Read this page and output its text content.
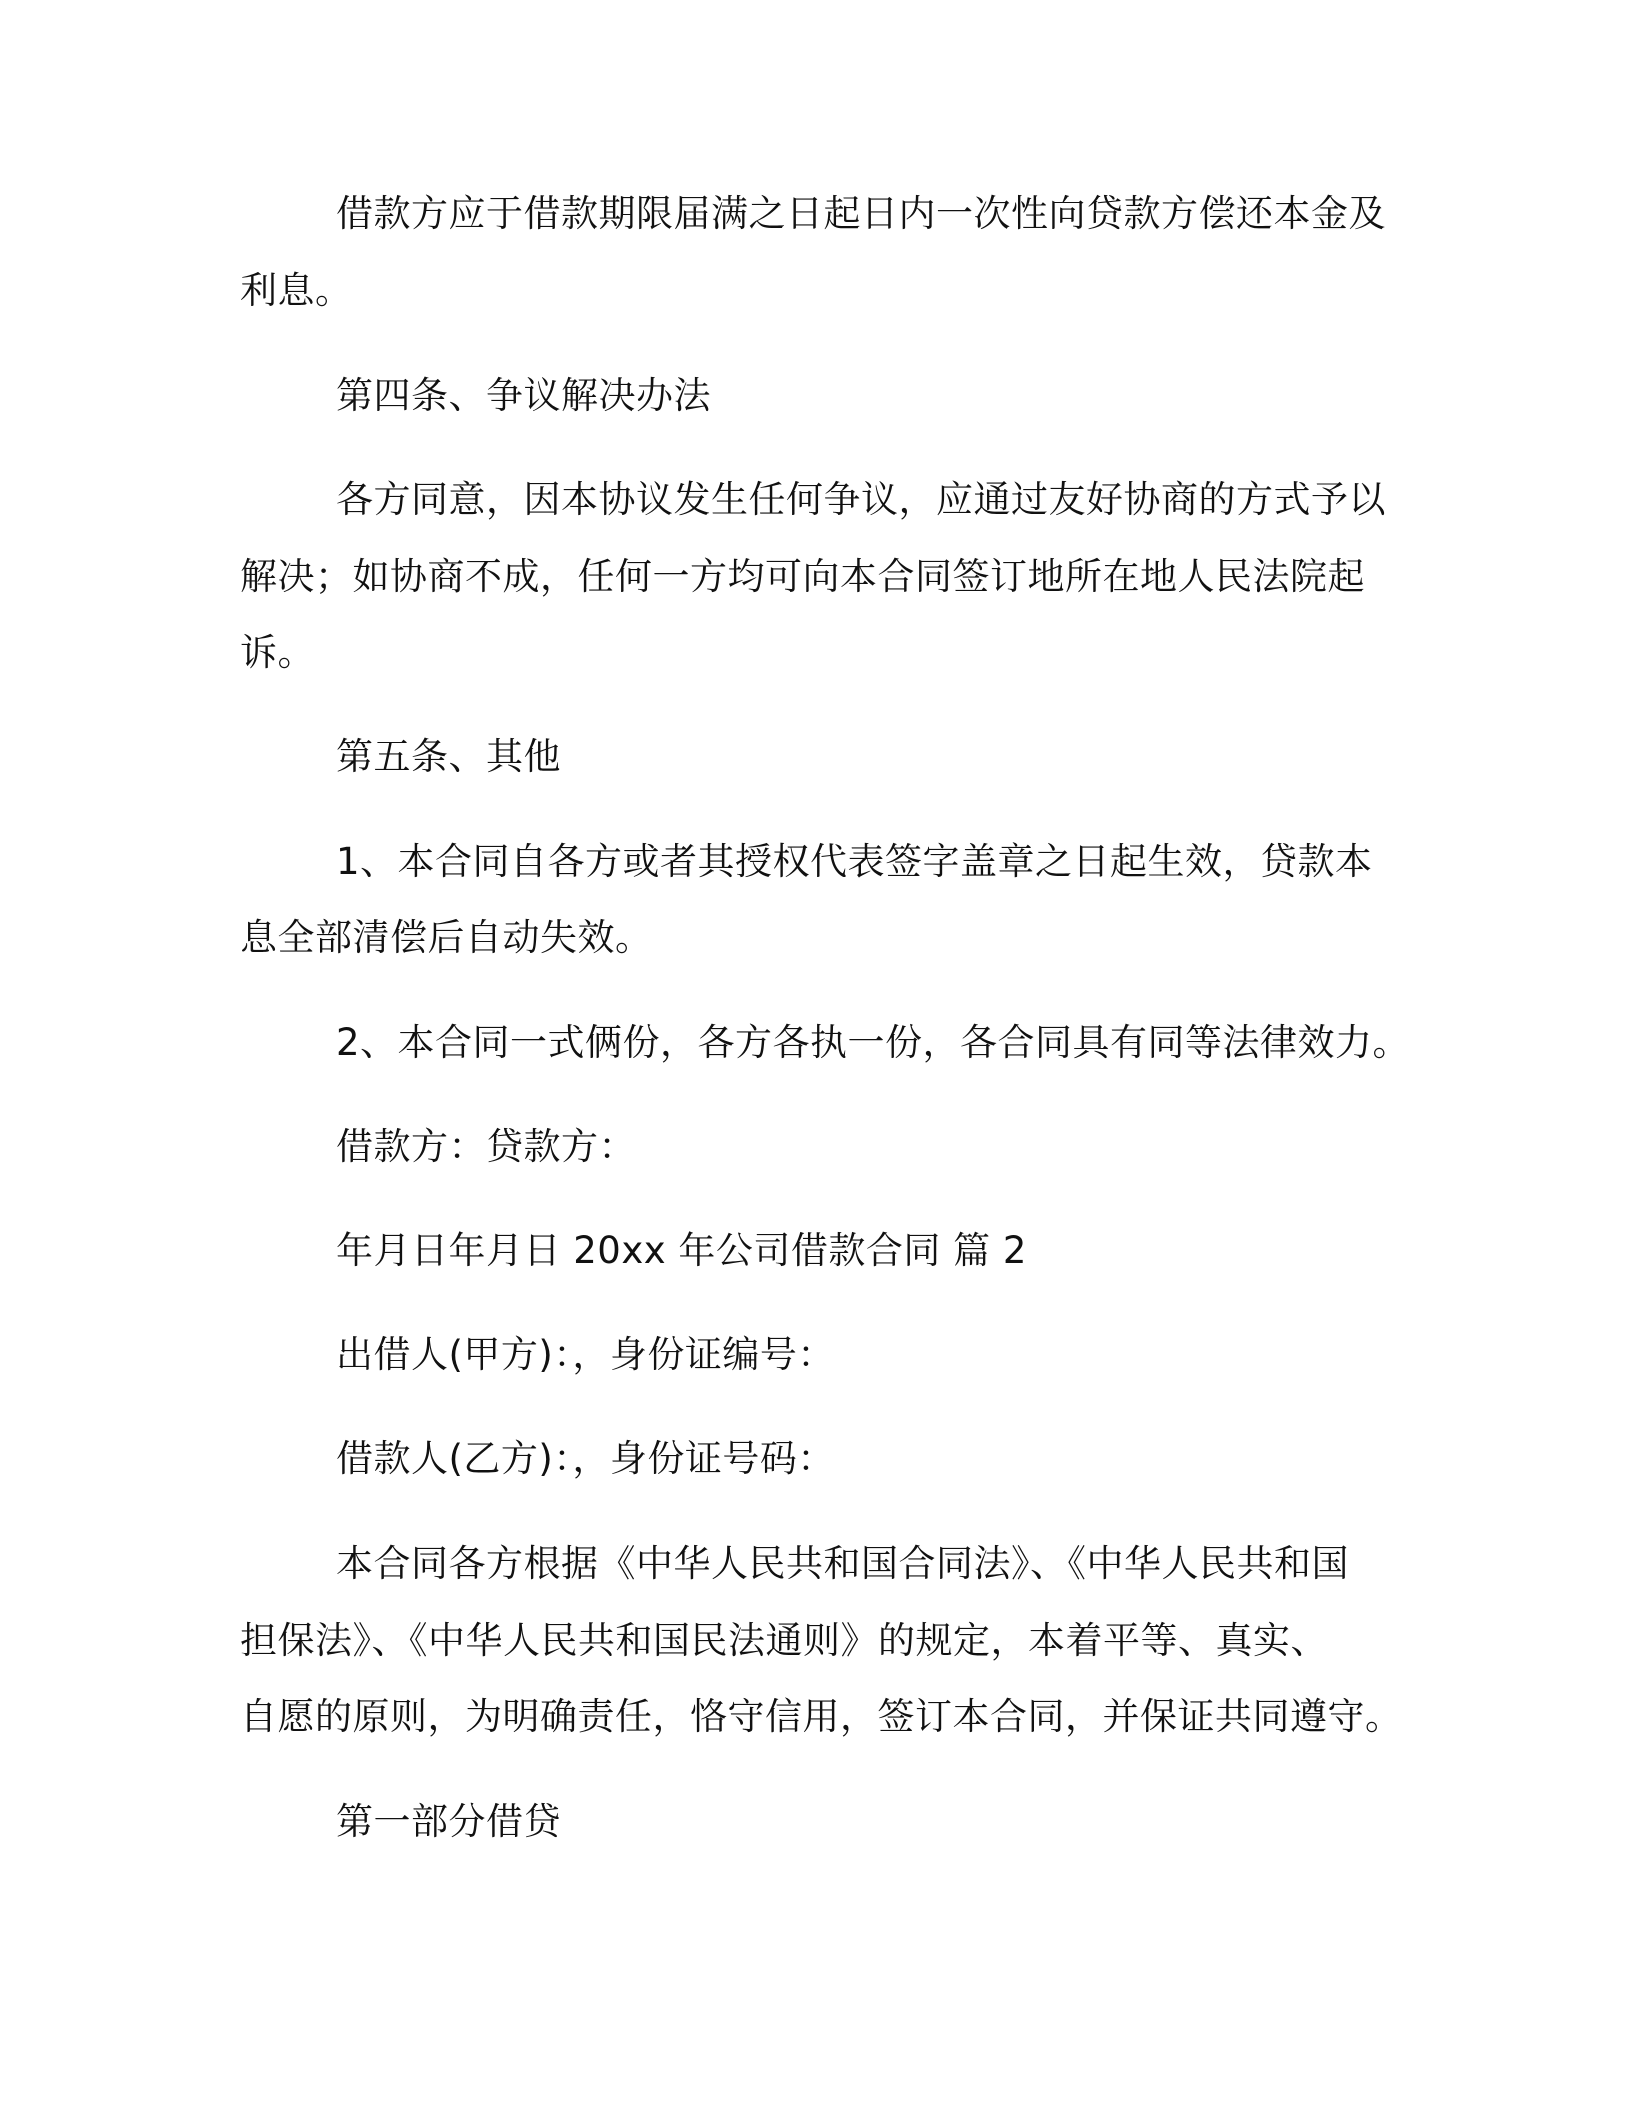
借款方应于借款期限届满之日起日内一次性向贷款方偿还本金及
利息。
第四条、争议解决办法
各方同意，因本协议发生任何争议，应通过友好协商的方式予以
解决；如协商不成，任何一方均可向本合同签订地所在地人民法院起
诉。
第五条、其他
1、本合同自各方或者其授权代表签字盖章之日起生效，贷款本
息全部清偿后自动失效。
2、本合同一式俩份，各方各执一份，各合同具有同等法律效力。
借款方：贷款方：
年月日年月日 20xx 年公司借款合同 篇 2
出借人(甲方)：，身份证编号：
借款人(乙方)：，身份证号码：
本合同各方根据《中华人民共和国合同法》、《中华人民共和国
担保法》、《中华人民共和国民法通则》的规定，本着平等、真实、
自愿的原则，为明确责任，恪守信用，签订本合同，并保证共同遵守。
第一部分借贷
